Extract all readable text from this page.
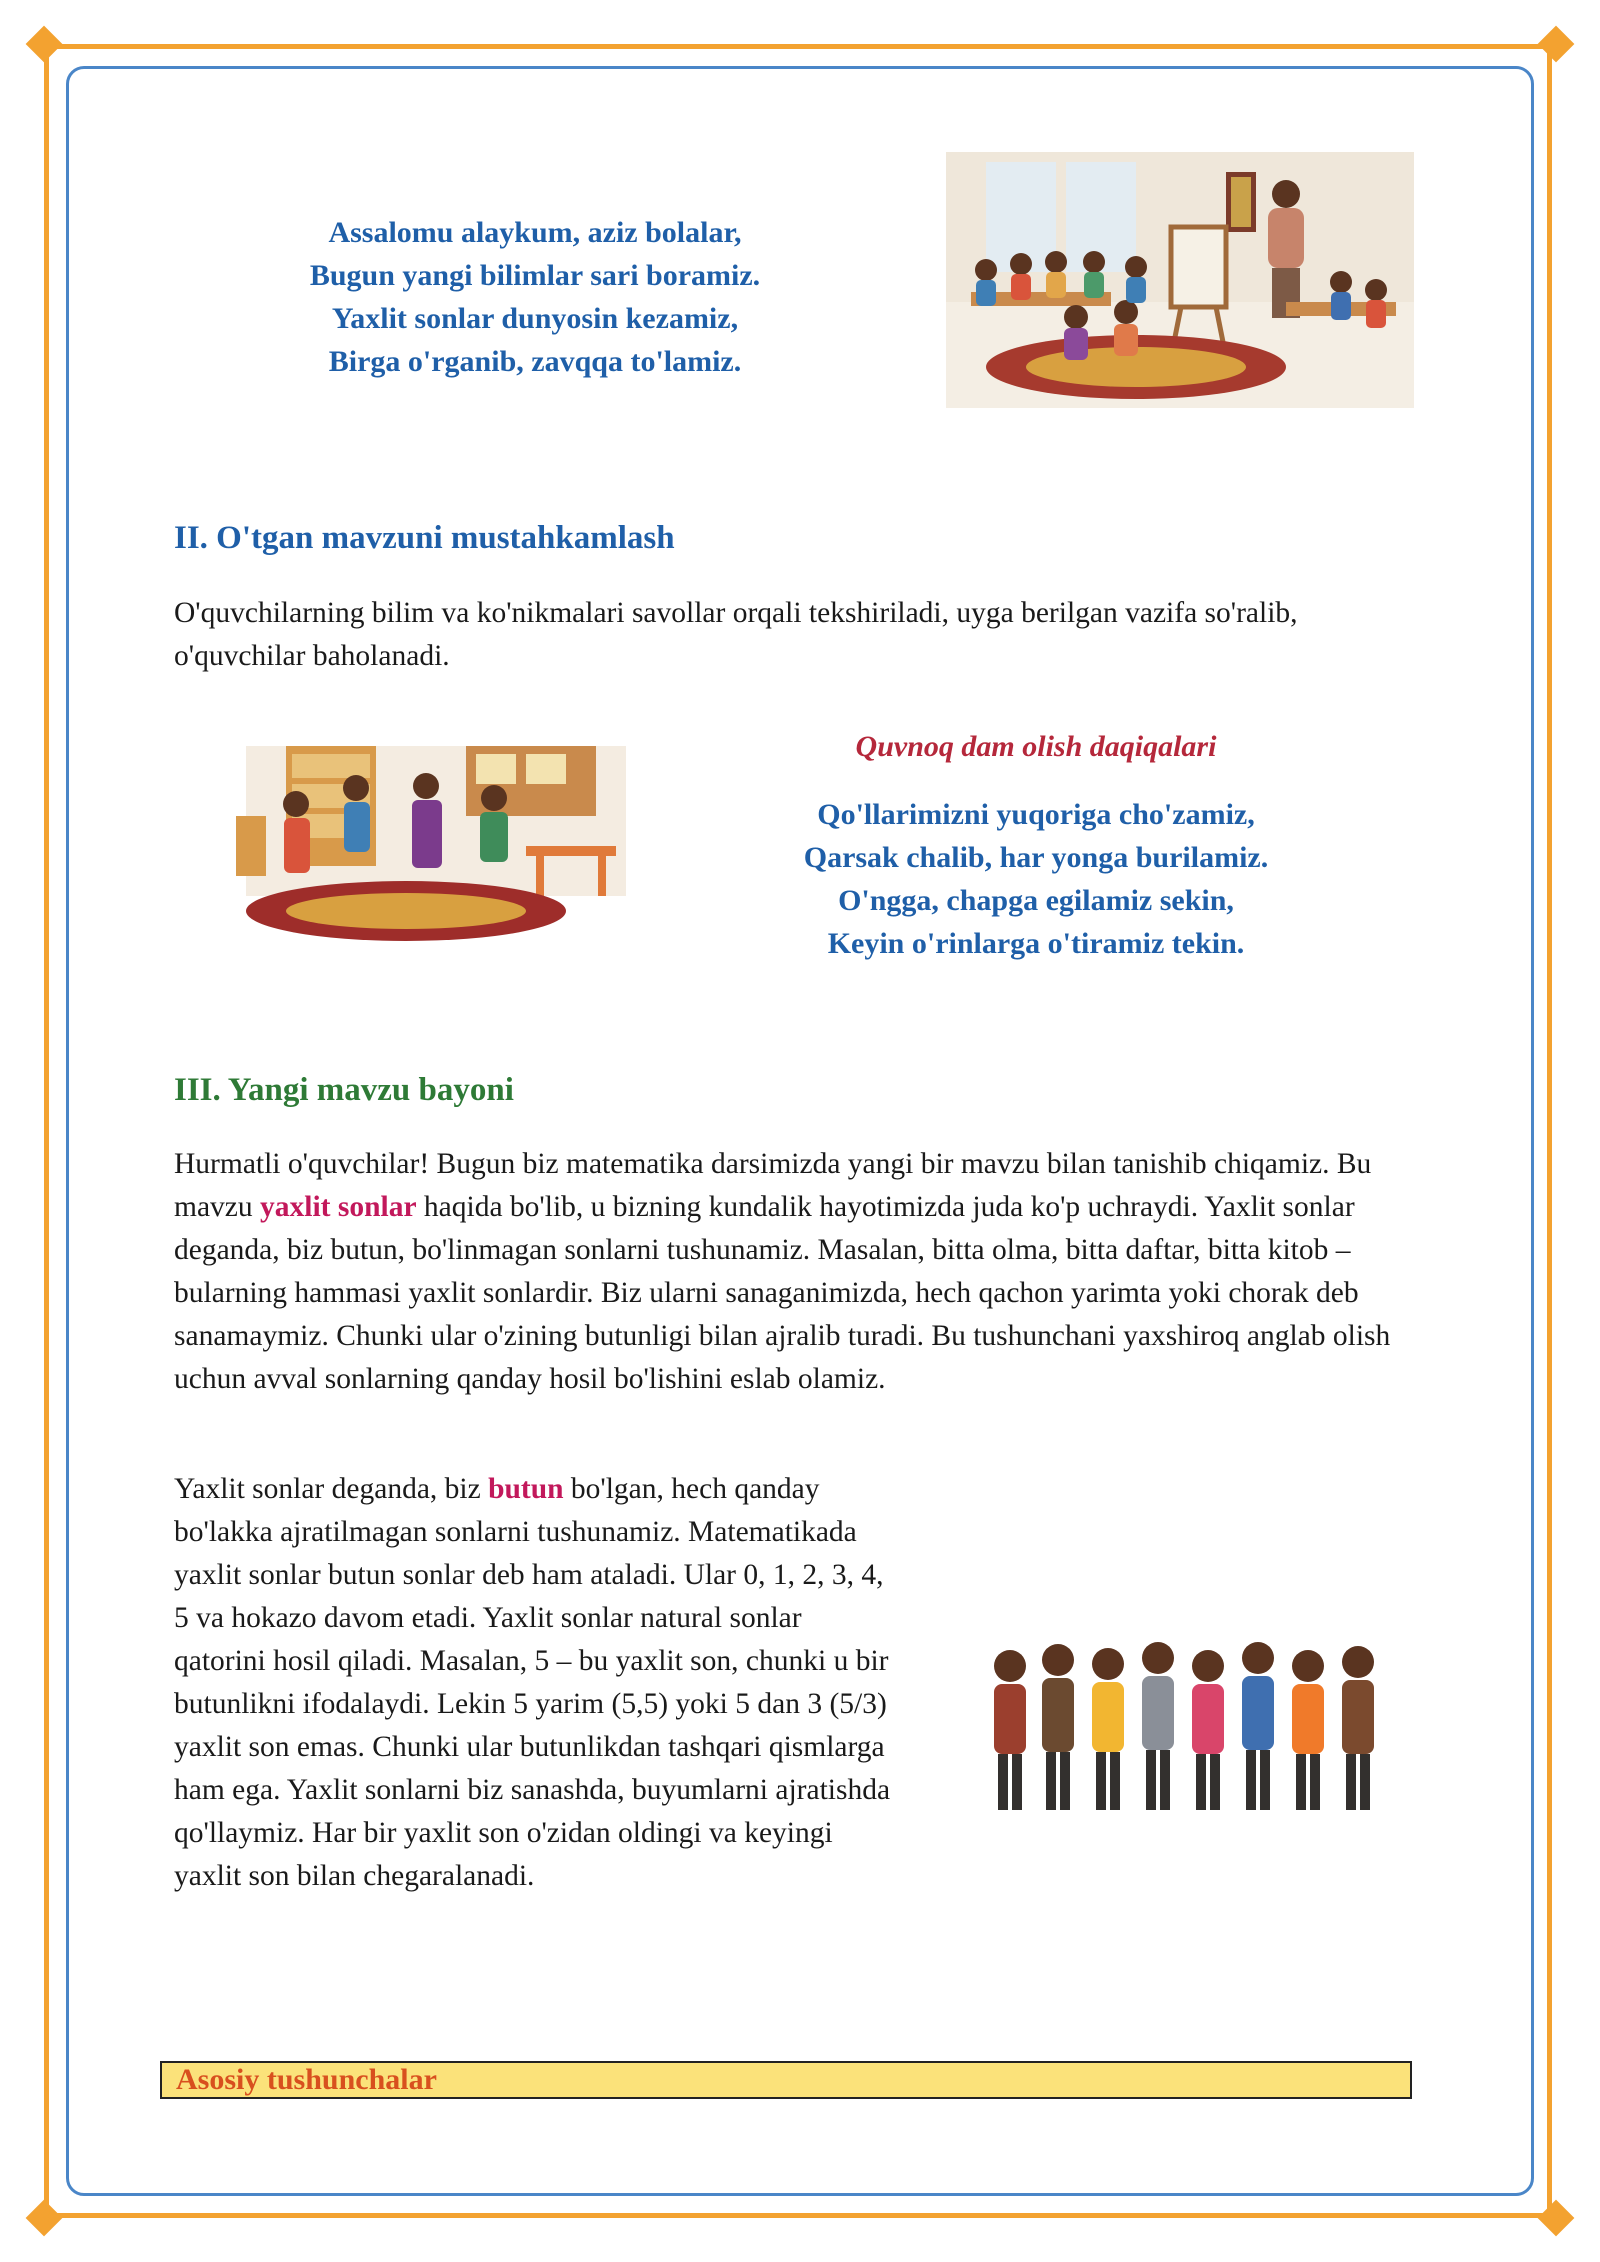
Assalomu alaykum, aziz bolalar,
Bugun yangi bilimlar sari boramiz.
Yaxlit sonlar dunyosin kezamiz,
Birga o'rganib, zavqqa to'lamiz.
II. O'tgan mavzuni mustahkamlash

O'quvchilarning bilim va ko'nikmalari savollar orqali tekshiriladi, uyga berilgan vazifa so'ralib, o'quvchilar baholanadi.

Quvnoq dam olish daqiqalari
Qo'llarimizni yuqoriga cho'zamiz,
Qarsak chalib, har yonga burilamiz.
O'ngga, chapga egilamiz sekin,
Keyin o'rinlarga o'tiramiz tekin.
III. Yangi mavzu bayoni

Hurmatli o'quvchilar! Bugun biz matematika darsimizda yangi bir mavzu bilan tanishib chiqamiz. Bu mavzu yaxlit sonlar haqida bo'lib, u bizning kundalik hayotimizda juda ko'p uchraydi. Yaxlit sonlar deganda, biz butun, bo'linmagan sonlarni tushunamiz. Masalan, bitta olma, bitta daftar, bitta kitob – bularning hammasi yaxlit sonlardir. Biz ularni sanaganimizda, hech qachon yarimta yoki chorak deb sanamaymiz. Chunki ular o'zining butunligi bilan ajralib turadi. Bu tushunchani yaxshiroq anglab olish uchun avval sonlarning qanday hosil bo'lishini eslab olamiz.

Yaxlit sonlar deganda, biz butun bo'lgan, hech qanday bo'lakka ajratilmagan sonlarni tushunamiz. Matematikada yaxlit sonlar butun sonlar deb ham ataladi. Ular 0, 1, 2, 3, 4, 5 va hokazo davom etadi. Yaxlit sonlar natural sonlar qatorini hosil qiladi. Masalan, 5 – bu yaxlit son, chunki u bir butunlikni ifodalaydi. Lekin 5 yarim (5,5) yoki 5 dan 3 (5/3) yaxlit son emas. Chunki ular butunlikdan tashqari qismlarga ham ega. Yaxlit sonlarni biz sanashda, buyumlarni ajratishda qo'llaymiz. Har bir yaxlit son o'zidan oldingi va keyingi yaxlit son bilan chegaralanadi.

Asosiy tushunchalar
